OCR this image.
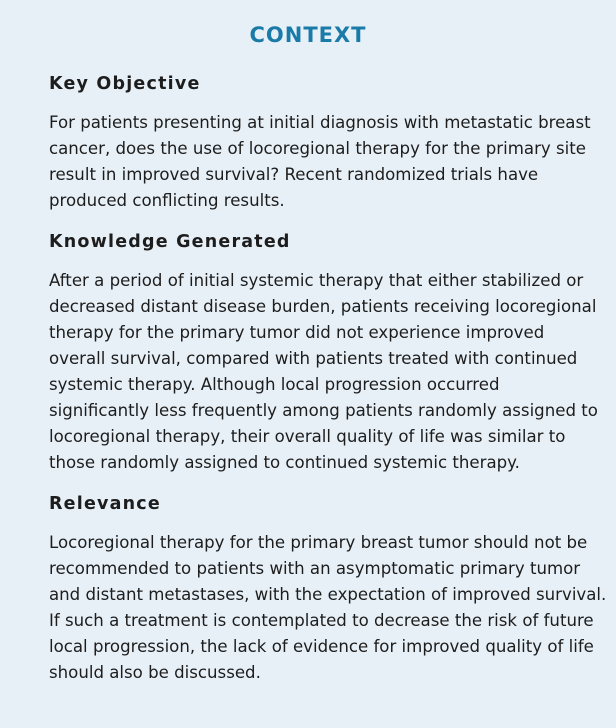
CONTEXT
Key Objective
For patients presenting at initial diagnosis with metastatic breast
cancer, does the use of locoregional therapy for the primary site
result in improved survival? Recent randomized trials have
produced conflicting results.
Knowledge Generated
After a period of initial systemic therapy that either stabilized or
decreased distant disease burden, patients receiving locoregional
therapy for the primary tumor did not experience improved
overall survival, compared with patients treated with continued
systemic therapy. Although local progression occurred
significantly less frequently among patients randomly assigned to
locoregional therapy, their overall quality of life was similar to
those randomly assigned to continued systemic therapy.
Relevance
Locoregional therapy for the primary breast tumor should not be
recommended to patients with an asymptomatic primary tumor
and distant metastases, with the expectation of improved survival.
If such a treatment is contemplated to decrease the risk of future
local progression, the lack of evidence for improved quality of life
should also be discussed.
